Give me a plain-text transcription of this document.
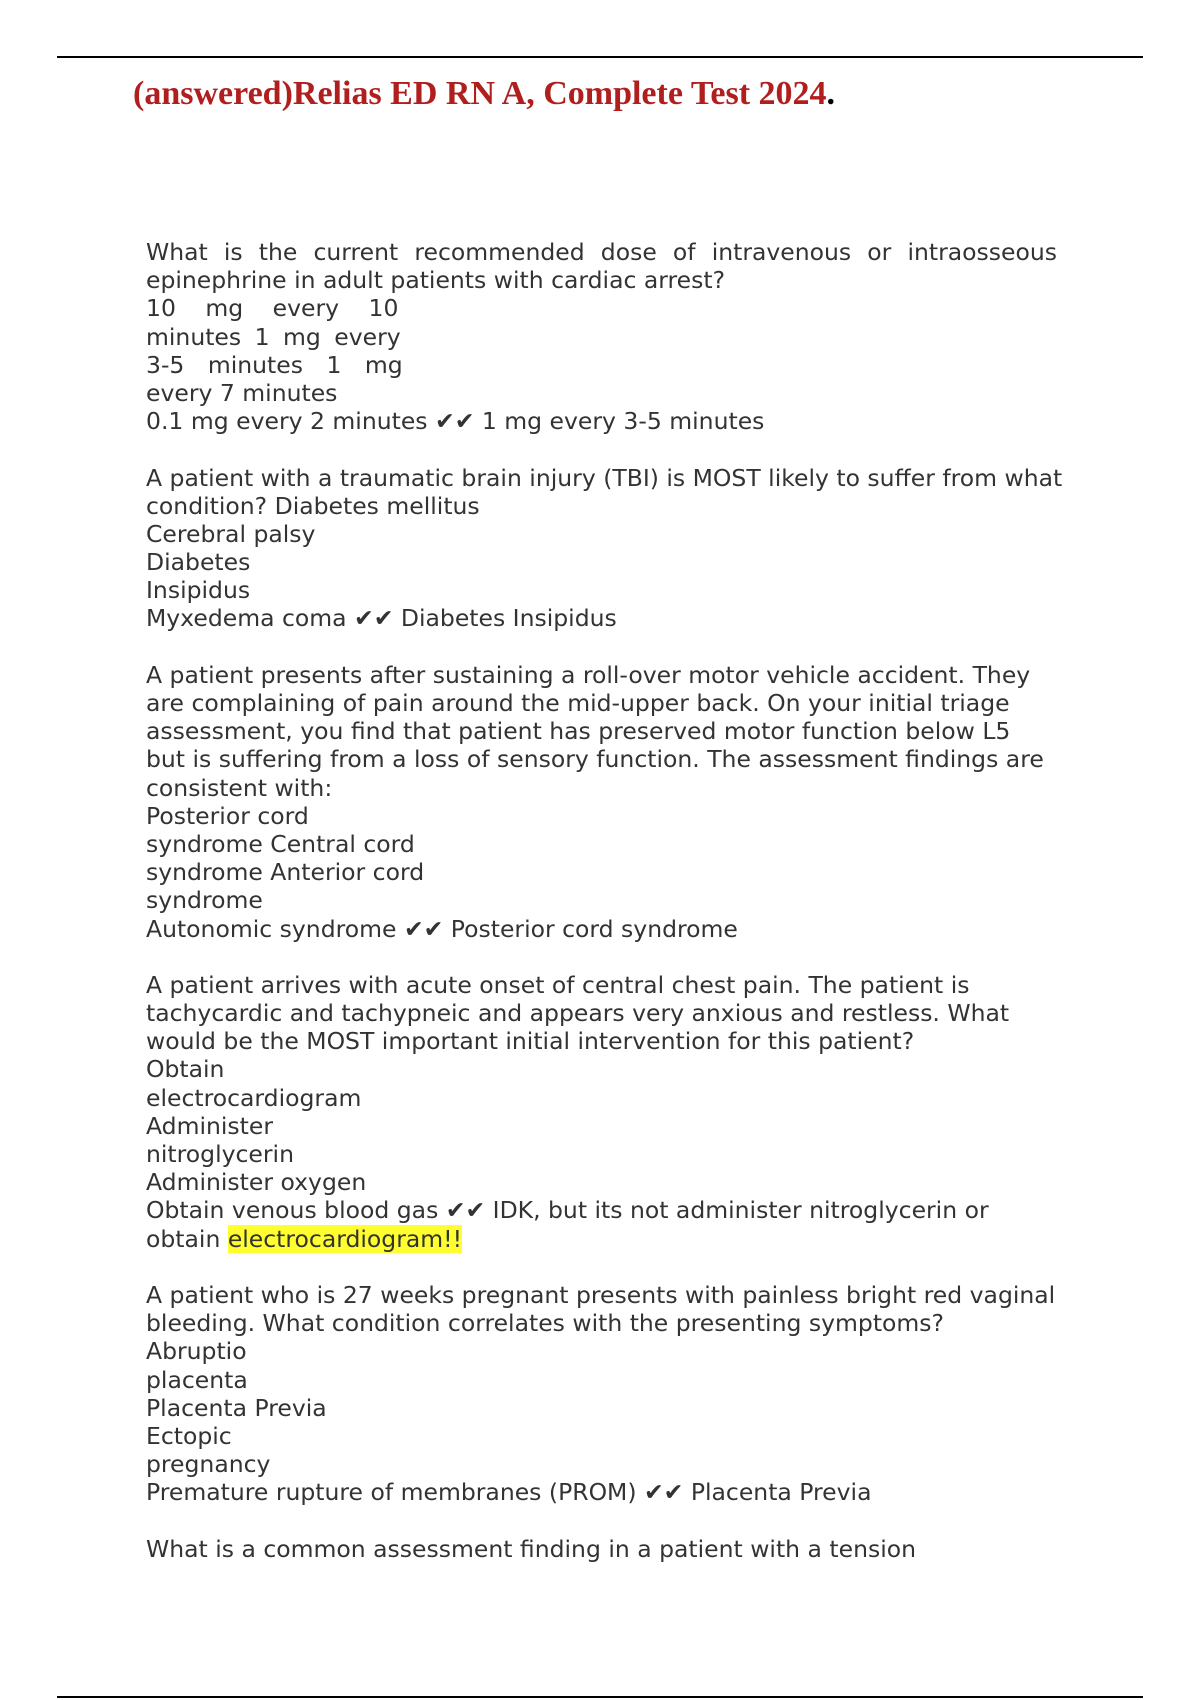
(answered)Relias ED RN A, Complete Test 2024.
What is the current recommended dose of intravenous or intraosseous
epinephrine in adult patients with cardiac arrest?
10 mg every 10
minutes 1 mg every
3-5 minutes 1 mg
every 7 minutes
0.1 mg every 2 minutes ✔✔ 1 mg every 3-5 minutes
A patient with a traumatic brain injury (TBI) is MOST likely to suffer from what
condition? Diabetes mellitus
Cerebral palsy
Diabetes
Insipidus
Myxedema coma ✔✔ Diabetes Insipidus
A patient presents after sustaining a roll-over motor vehicle accident. They
are complaining of pain around the mid-upper back. On your initial triage
assessment, you find that patient has preserved motor function below L5
but is suffering from a loss of sensory function. The assessment findings are
consistent with:
Posterior cord
syndrome Central cord
syndrome Anterior cord
syndrome
Autonomic syndrome ✔✔ Posterior cord syndrome
A patient arrives with acute onset of central chest pain. The patient is
tachycardic and tachypneic and appears very anxious and restless. What
would be the MOST important initial intervention for this patient?
Obtain
electrocardiogram
Administer
nitroglycerin
Administer oxygen
Obtain venous blood gas ✔✔ IDK, but its not administer nitroglycerin or
obtain electrocardiogram!!
A patient who is 27 weeks pregnant presents with painless bright red vaginal
bleeding. What condition correlates with the presenting symptoms?
Abruptio
placenta
Placenta Previa
Ectopic
pregnancy
Premature rupture of membranes (PROM) ✔✔ Placenta Previa
What is a common assessment finding in a patient with a tension
